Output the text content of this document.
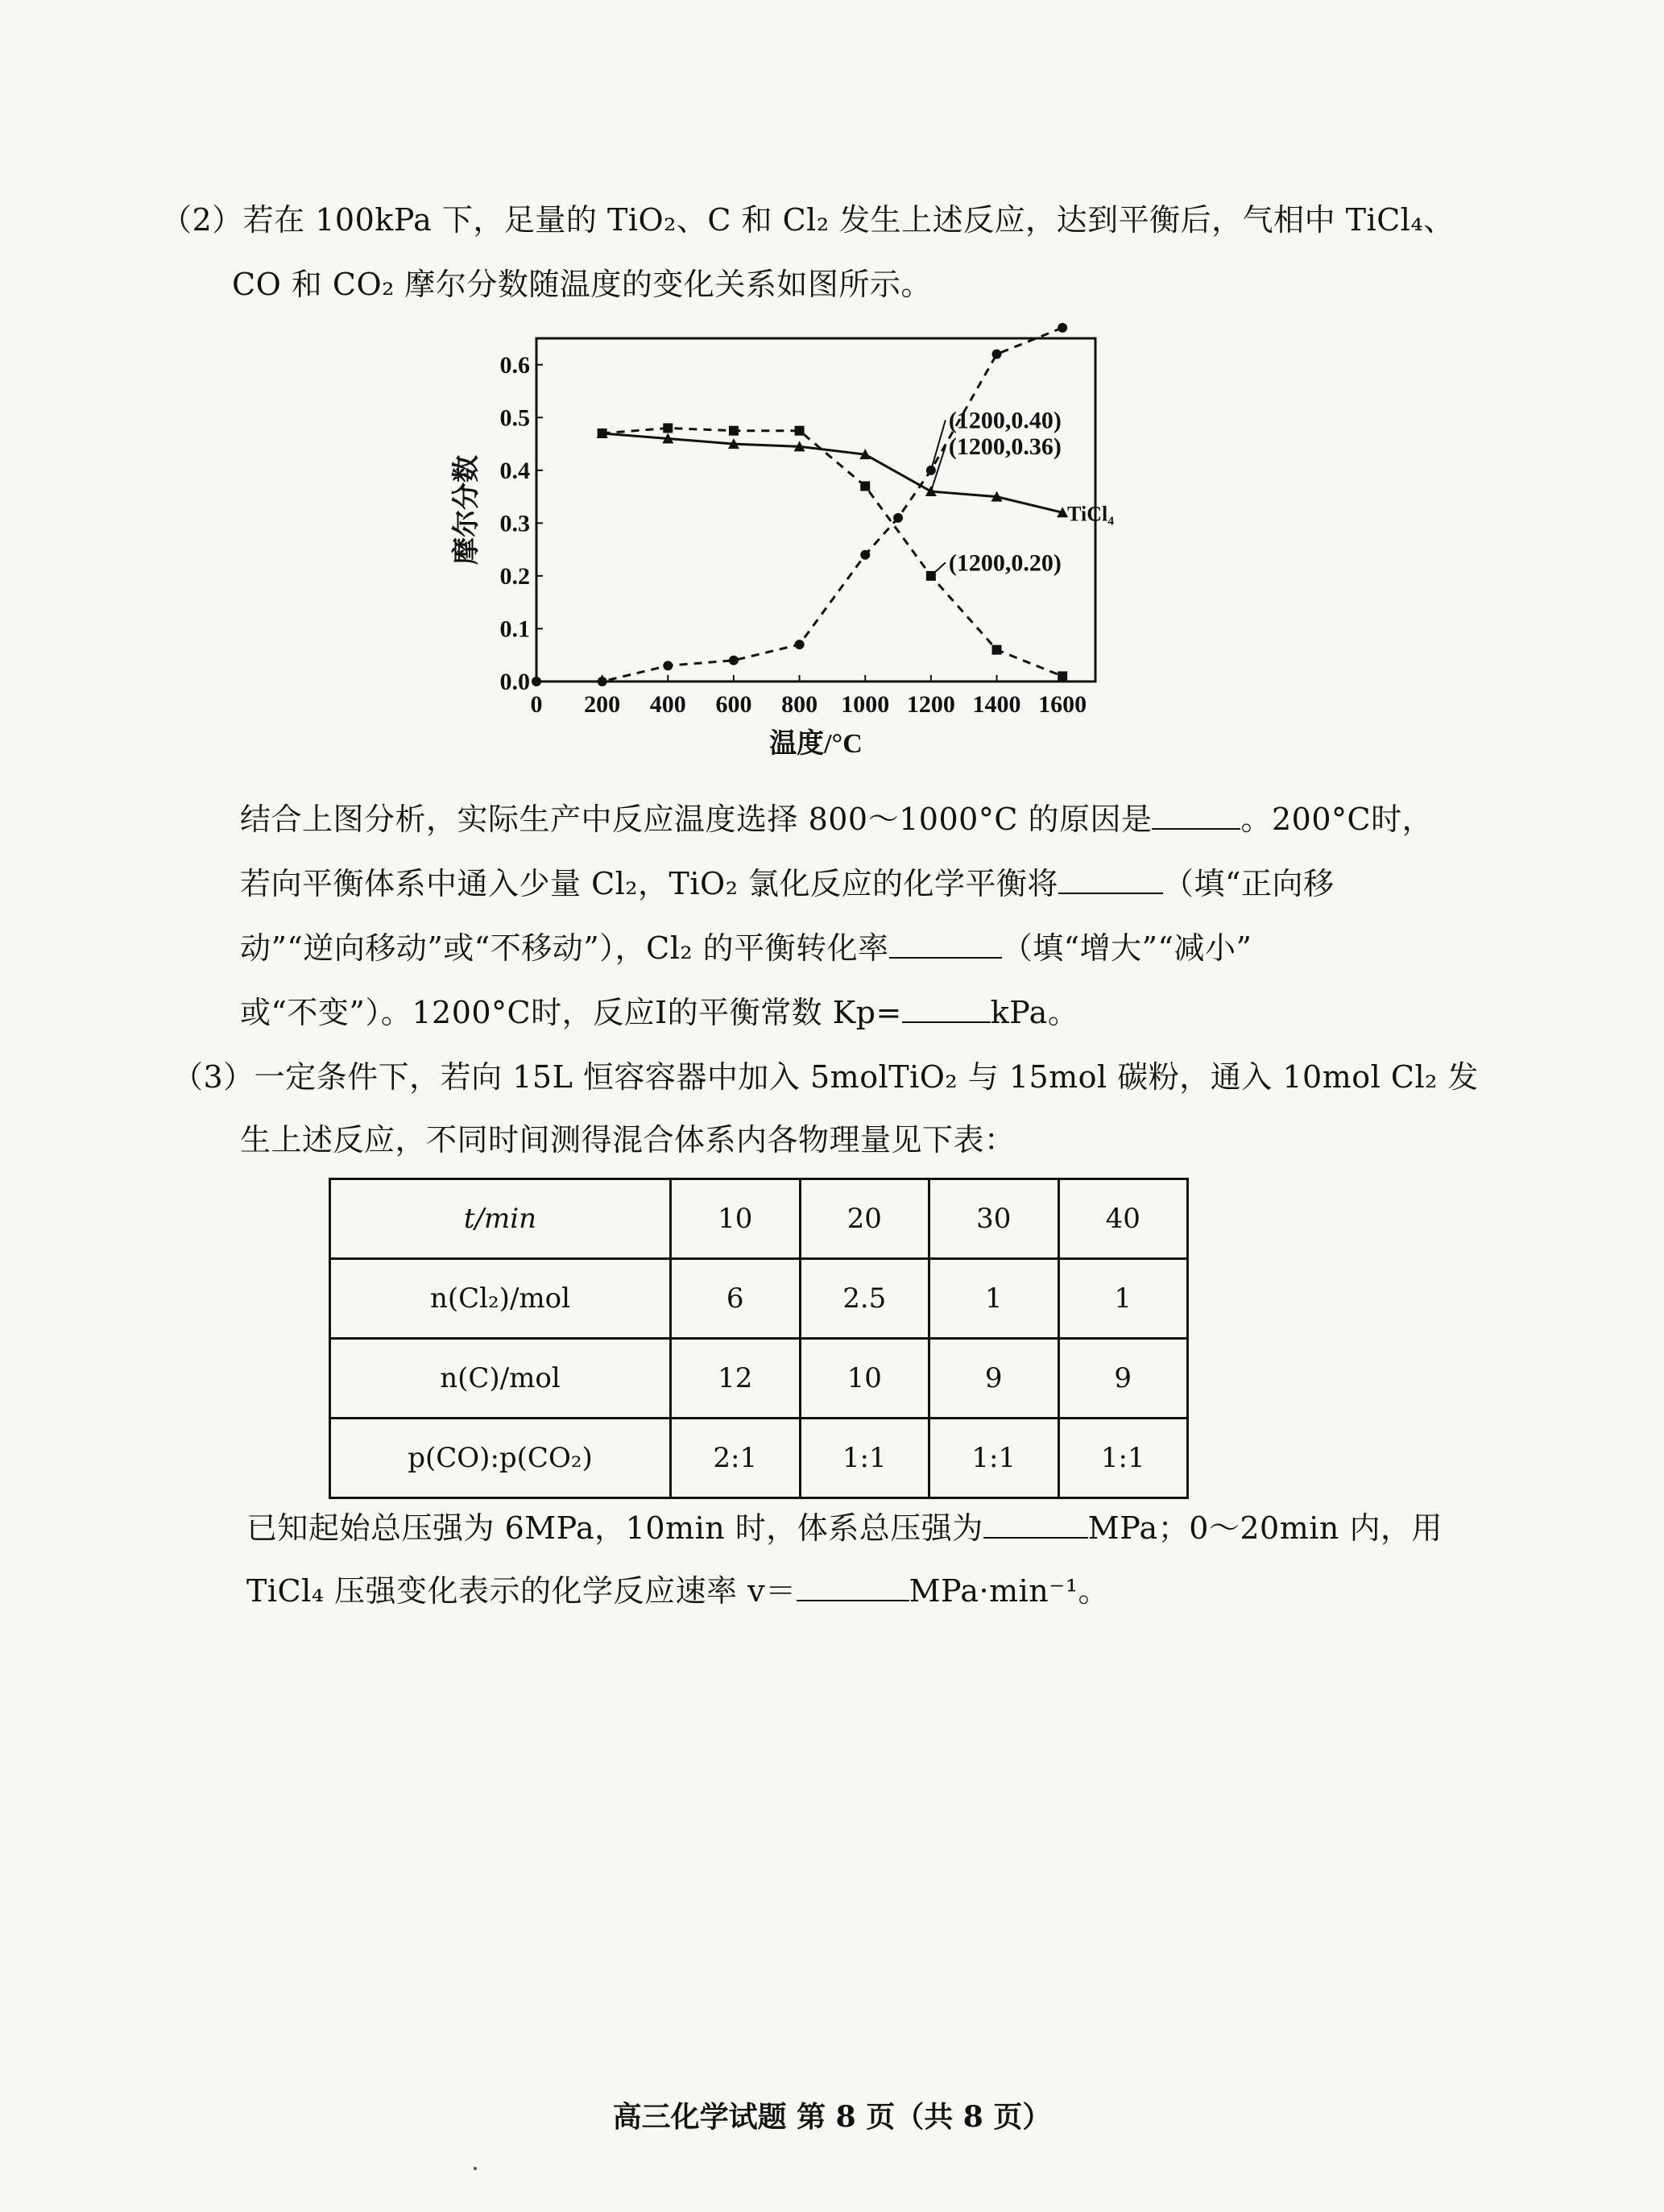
（2）若在 100kPa 下，足量的 TiO₂、C 和 Cl₂ 发生上述反应，达到平衡后，气相中 TiCl₄、
CO 和 CO₂ 摩尔分数随温度的变化关系如图所示。
0 200 400 600 800 1000 1200 1400 1600
0.0
0.1
0.2
0.3
0.4
0.5
0.6
温度/°C
摩尔分数	TiCl₄
(1200,0.40)
(1200,0.36)
(1200,0.20)
结合上图分析，实际生产中反应温度选择 800～1000°C 的原因是	。200°C时，
若向平衡体系中通入少量 Cl₂，TiO₂ 氯化反应的化学平衡将	（填“正向移
动”“逆向移动”或“不移动”），Cl₂ 的平衡转化率	（填“增大”“减小”
或“不变”）。1200°C时，反应I的平衡常数 Kp=	kPa。
（3）一定条件下，若向 15L 恒容容器中加入 5molTiO₂ 与 15mol 碳粉，通入 10mol Cl₂ 发
生上述反应，不同时间测得混合体系内各物理量见下表：
t/min	10	20	30	40
n(Cl₂)/mol	6	2.5	1	1
n(C)/mol	12	10	9	9
p(CO):p(CO₂)	2:1	1:1	1:1	1:1
已知起始总压强为 6MPa，10min 时，体系总压强为	MPa；0～20min 内，用
TiCl₄ 压强变化表示的化学反应速率 v＝	MPa·min⁻¹。
高三化学试题 第 8 页（共 8 页）
